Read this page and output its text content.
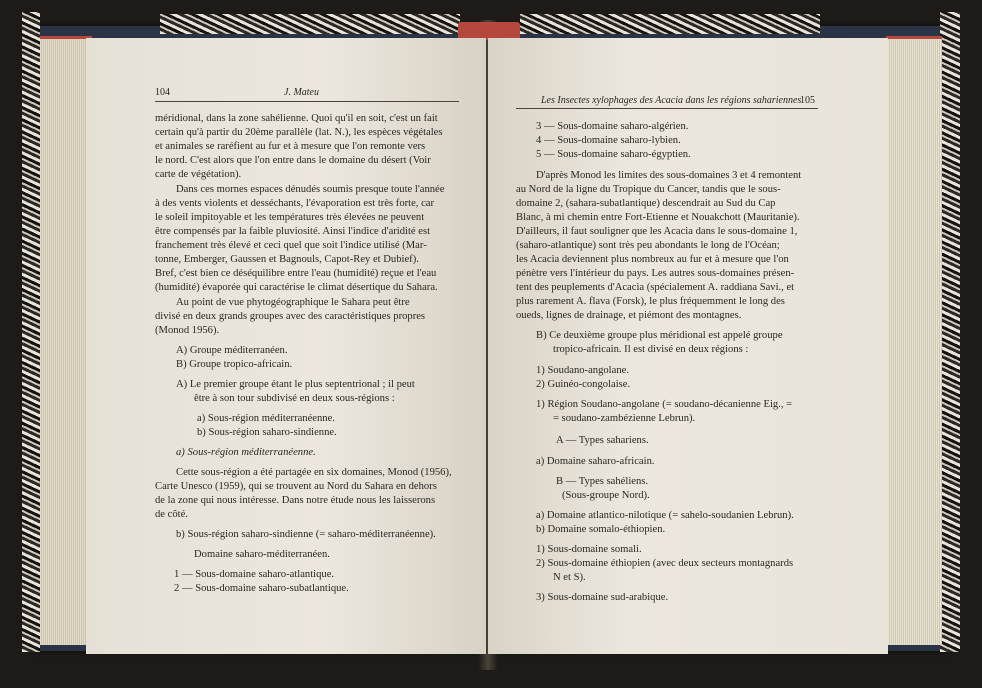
104	J. Mateu
méridional, dans la zone sahélienne. Quoi qu'il en soit, c'est un fait
certain qu'à partir du 20ème parallèle (lat. N.), les espèces végétales
et animales se raréfient au fur et à mesure que l'on remonte vers
le nord. C'est alors que l'on entre dans le domaine du désert (Voir
carte de végétation).
Dans ces mornes espaces dénudés soumis presque toute l'année
à des vents violents et desséchants, l'évaporation est très forte, car
le soleil impitoyable et les températures très élevées ne peuvent
être compensés par la faible pluviosité. Ainsi l'indice d'aridité est
franchement très élevé et ceci quel que soit l'indice utilisé (Mar-
tonne, Emberger, Gaussen et Bagnouls, Capot-Rey et Dubief).
Bref, c'est bien ce déséquilibre entre l'eau (humidité) reçue et l'eau
(humidité) évaporée qui caractérise le climat désertique du Sahara.
Au point de vue phytogéographique le Sahara peut être
divisé en deux grands groupes avec des caractéristiques propres
(Monod 1956).
A) Groupe méditerranéen.
B) Groupe tropico-africain.
A) Le premier groupe étant le plus septentrional ; il peut
être à son tour subdivisé en deux sous-régions :
a) Sous-région méditerranéenne.
b) Sous-région saharo-sindienne.
a) Sous-région méditerranéenne.
Cette sous-région a été partagée en six domaines, Monod (1956),
Carte Unesco (1959), qui se trouvent au Nord du Sahara en dehors
de la zone qui nous intéresse. Dans notre étude nous les laisserons
de côté.
b) Sous-région saharo-sindienne (= saharo-méditerranéenne).
Domaine saharo-méditerranéen.
1 — Sous-domaine saharo-atlantique.
2 — Sous-domaine saharo-subatlantique.
Les Insectes xylophages des Acacia dans les régions sahariennes
105
3 — Sous-domaine saharo-algérien.
4 — Sous-domaine saharo-lybien.
5 — Sous-domaine saharo-égyptien.
D'après Monod les limites des sous-domaines 3 et 4 remontent
au Nord de la ligne du Tropique du Cancer, tandis que le sous-
domaine 2, (sahara-subatlantique) descendrait au Sud du Cap
Blanc, à mi chemin entre Fort-Etienne et Nouakchott (Mauritanie).
D'ailleurs, il faut souligner que les Acacia dans le sous-domaine 1,
(saharo-atlantique) sont très peu abondants le long de l'Océan;
les Acacia deviennent plus nombreux au fur et à mesure que l'on
pénètre vers l'intérieur du pays. Les autres sous-domaines présen-
tent des peuplements d'Acacia (spécialement A. raddiana Savi., et
plus rarement A. flava (Forsk), le plus fréquemment le long des
oueds, lignes de drainage, et piémont des montagnes.
B) Ce deuxième groupe plus méridional est appelé groupe
tropico-africain. Il est divisé en deux régions :
1) Soudano-angolane.
2) Guinéo-congolaise.
1) Région Soudano-angolane (= soudano-décanienne Eig., =
= soudano-zambézienne Lebrun).
A — Types sahariens.
a) Domaine saharo-africain.
B — Types sahéliens.
(Sous-groupe Nord).
a) Domaine atlantico-nilotique (= sahelo-soudanien Lebrun).
b) Domaine somalo-éthiopien.
1) Sous-domaine somali.
2) Sous-domaine éthiopien (avec deux secteurs montagnards
N et S).
3) Sous-domaine sud-arabique.
